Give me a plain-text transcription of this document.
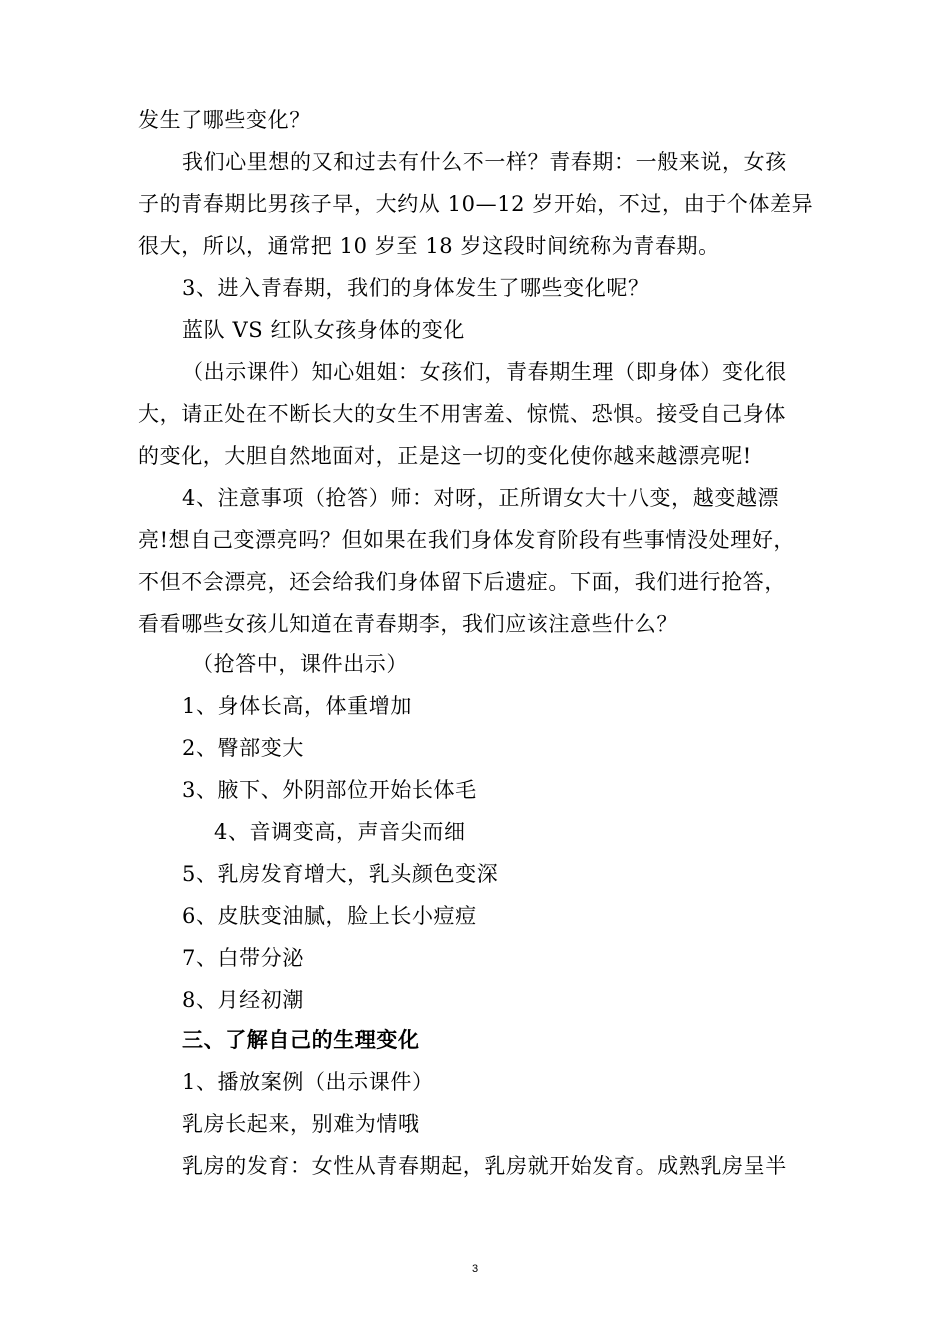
发生了哪些变化？
我们心里想的又和过去有什么不一样？青春期：一般来说，女孩
子的青春期比男孩子早，大约从 10—12 岁开始，不过，由于个体差异
很大，所以，通常把 10 岁至 18 岁这段时间统称为青春期。
3、进入青春期，我们的身体发生了哪些变化呢？
蓝队 VS 红队女孩身体的变化
（出示课件）知心姐姐：女孩们，青春期生理（即身体）变化很
大，请正处在不断长大的女生不用害羞、惊慌、恐惧。接受自己身体
的变化，大胆自然地面对，正是这一切的变化使你越来越漂亮呢!
4、注意事项（抢答）师：对呀，正所谓女大十八变，越变越漂
亮!想自己变漂亮吗？但如果在我们身体发育阶段有些事情没处理好，
不但不会漂亮，还会给我们身体留下后遗症。下面，我们进行抢答，
看看哪些女孩儿知道在青春期李，我们应该注意些什么？
（抢答中，课件出示）
1、身体长高，体重增加
2、臀部变大
3、腋下、外阴部位开始长体毛
4、音调变高，声音尖而细
5、乳房发育增大，乳头颜色变深
6、皮肤变油腻，脸上长小痘痘
7、白带分泌
8、月经初潮
三、了解自己的生理变化
1、播放案例（出示课件）
乳房长起来，别难为情哦
乳房的发育：女性从青春期起，乳房就开始发育。成熟乳房呈半
3
